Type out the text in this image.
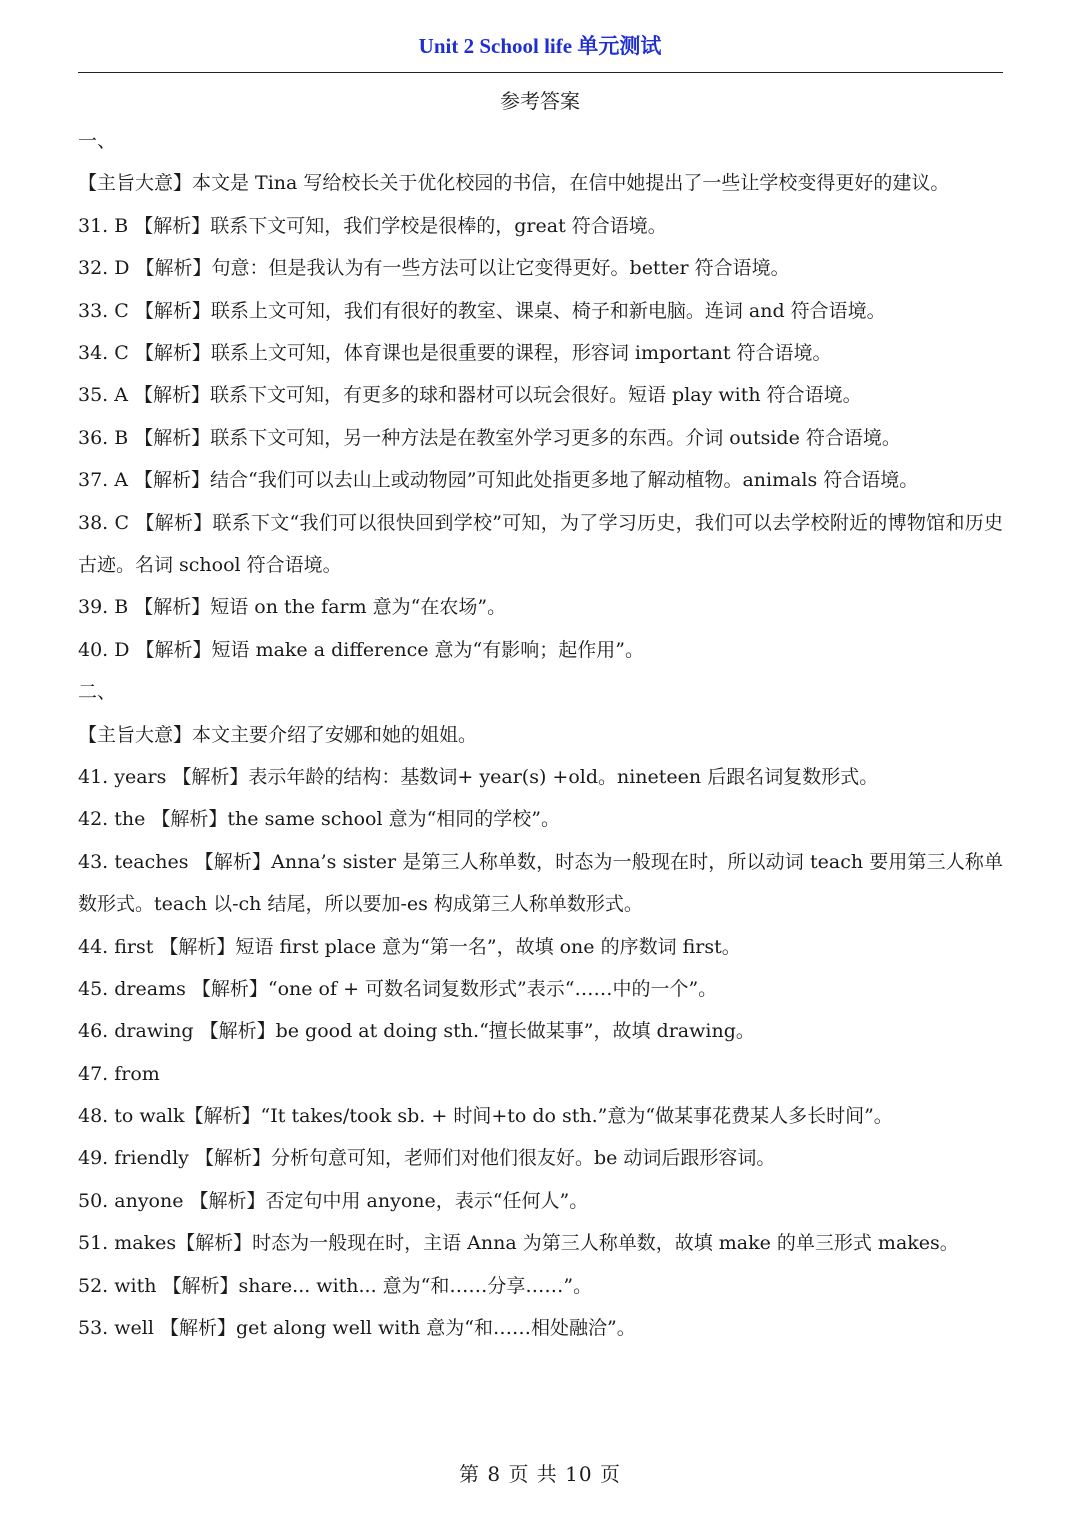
Unit 2 School life 单元测试
参考答案
一、
【主旨大意】本文是 Tina 写给校长关于优化校园的书信，在信中她提出了一些让学校变得更好的建议。
31. B 【解析】联系下文可知，我们学校是很棒的，great 符合语境。
32. D 【解析】句意：但是我认为有一些方法可以让它变得更好。better 符合语境。
33. C 【解析】联系上文可知，我们有很好的教室、课桌、椅子和新电脑。连词 and 符合语境。
34. C 【解析】联系上文可知，体育课也是很重要的课程，形容词 important 符合语境。
35. A 【解析】联系下文可知，有更多的球和器材可以玩会很好。短语 play with 符合语境。
36. B 【解析】联系下文可知，另一种方法是在教室外学习更多的东西。介词 outside 符合语境。
37. A 【解析】结合“我们可以去山上或动物园”可知此处指更多地了解动植物。animals 符合语境。
38. C 【解析】联系下文“我们可以很快回到学校”可知，为了学习历史，我们可以去学校附近的博物馆和历史古迹。名词 school 符合语境。
39. B 【解析】短语 on the farm 意为“在农场”。
40. D 【解析】短语 make a difference 意为“有影响；起作用”。
二、
【主旨大意】本文主要介绍了安娜和她的姐姐。
41. years 【解析】表示年龄的结构：基数词+ year(s) +old。nineteen 后跟名词复数形式。
42. the 【解析】the same school 意为“相同的学校”。
43. teaches 【解析】Anna’s sister 是第三人称单数，时态为一般现在时，所以动词 teach 要用第三人称单数形式。teach 以-ch 结尾，所以要加-es 构成第三人称单数形式。
44. first 【解析】短语 first place 意为“第一名”，故填 one 的序数词 first。
45. dreams 【解析】“one of + 可数名词复数形式”表示“……中的一个”。
46. drawing 【解析】be good at doing sth.“擅长做某事”，故填 drawing。
47. from
48. to walk【解析】“It takes/took sb. + 时间+to do sth.”意为“做某事花费某人多长时间”。
49. friendly 【解析】分析句意可知，老师们对他们很友好。be 动词后跟形容词。
50. anyone 【解析】否定句中用 anyone，表示“任何人”。
51. makes【解析】时态为一般现在时，主语 Anna 为第三人称单数，故填 make 的单三形式 makes。
52. with 【解析】share... with... 意为“和……分享……”。
53. well 【解析】get along well with 意为“和……相处融洽”。
第 8 页 共 10 页
